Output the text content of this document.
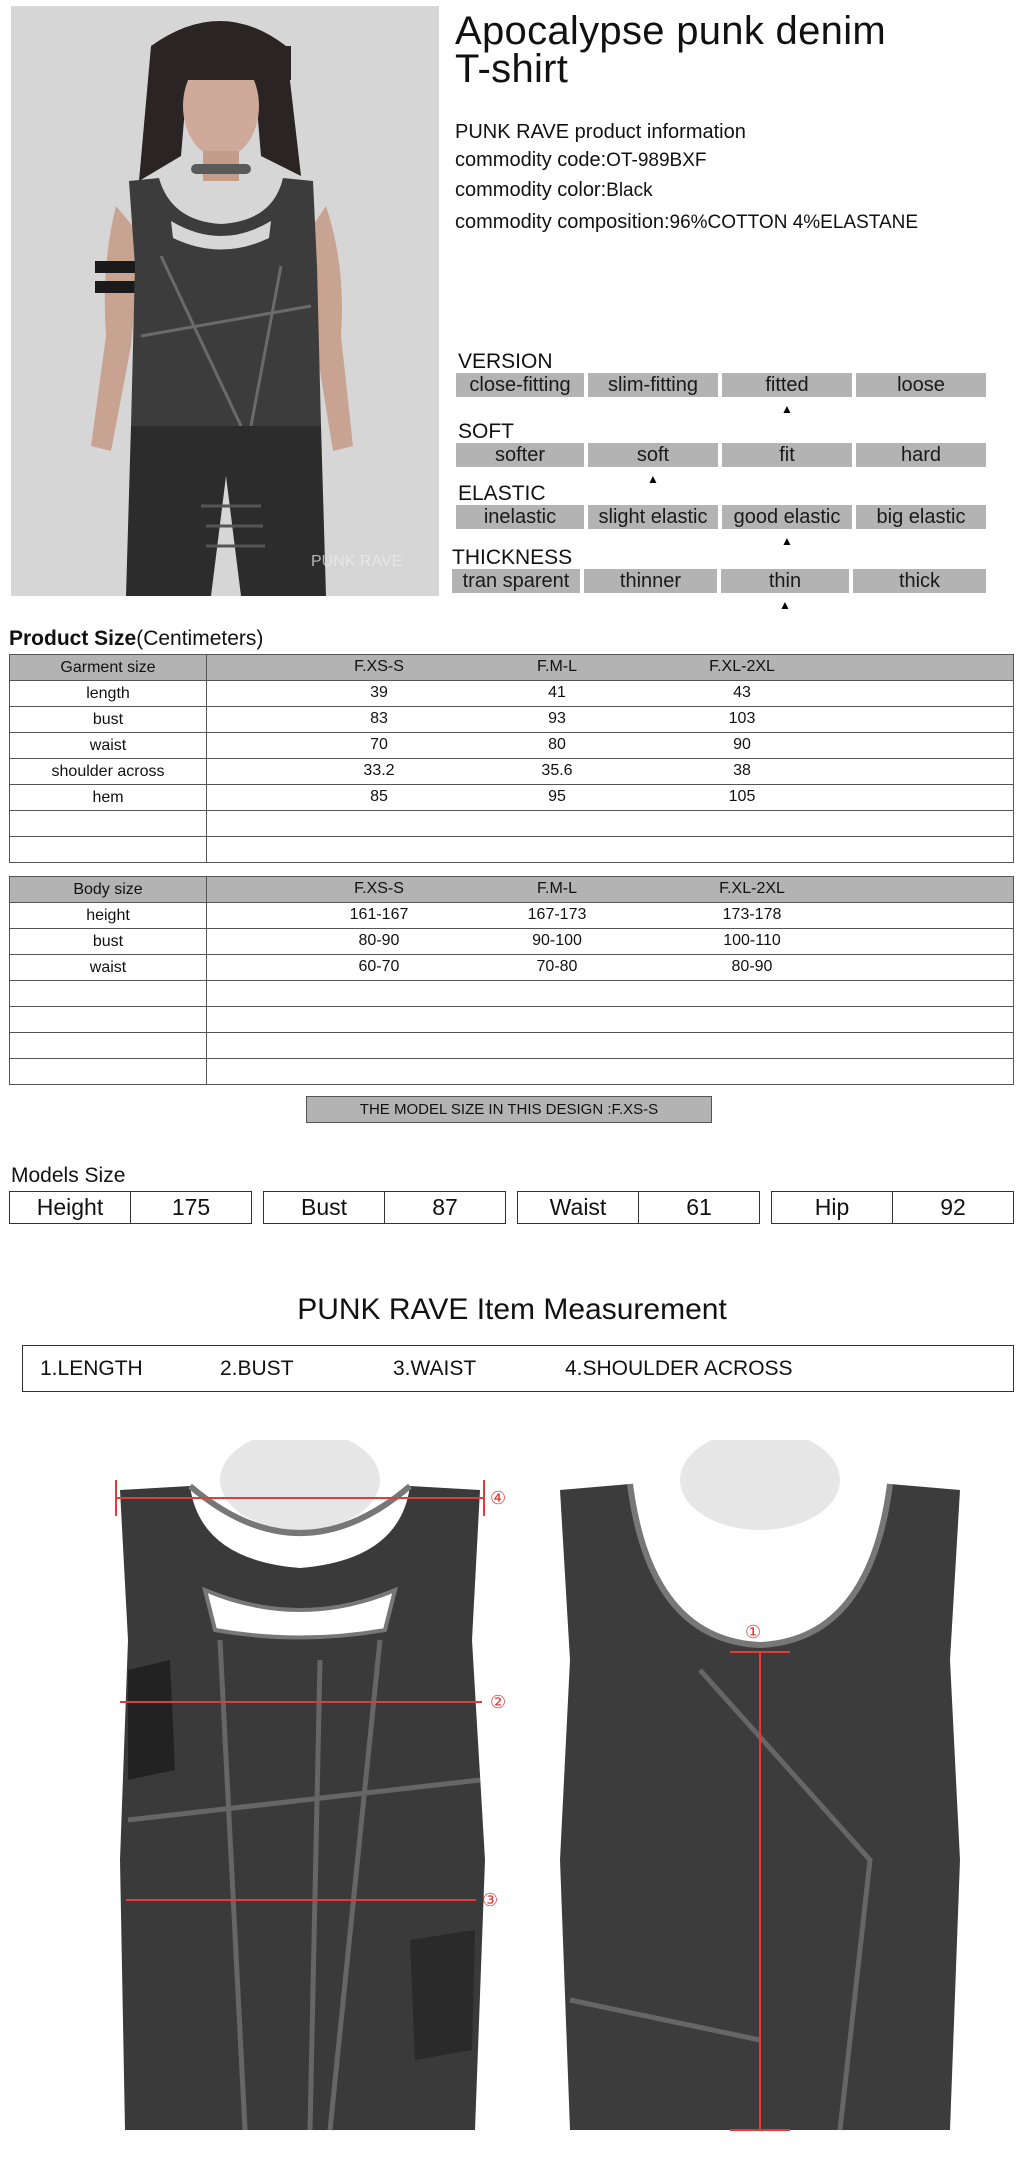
PUNK RAVE
Apocalypse punk denim
T-shirt
PUNK RAVE product information
commodity code:OT-989BXF
commodity color:Black
commodity composition:96%COTTON 4%ELASTANE
VERSION
close-fitting	slim-fitting	fitted
▲
loose
SOFT
softer	soft
▲
fit	hard
ELASTIC
inelastic	slight elastic	good elastic
▲
big elastic
THICKNESS
tran sparent	thinner	thin
▲
thick
Product Size(Centimeters)
Garment size	F.XS-S F.M-L F.XL-2XL

length	39 41 43

bust	83 93 103

waist	70 80 90

shoulder across	33.2 35.6 38

hem	85 95 105

Body size	F.XS-S F.M-L F.XL-2XL

height	161-167 167-173 173-178

bust	80-90 90-100 100-110

waist	60-70 70-80 80-90

THE MODEL SIZE IN THIS DESIGN :F.XS-S
Models Size
Height	175	Bust	87	Waist	61	Hip	92
PUNK RAVE Item Measurement
1.LENGTH	2.BUST	3.WAIST	4.SHOULDER ACROSS
④
②
③
①
